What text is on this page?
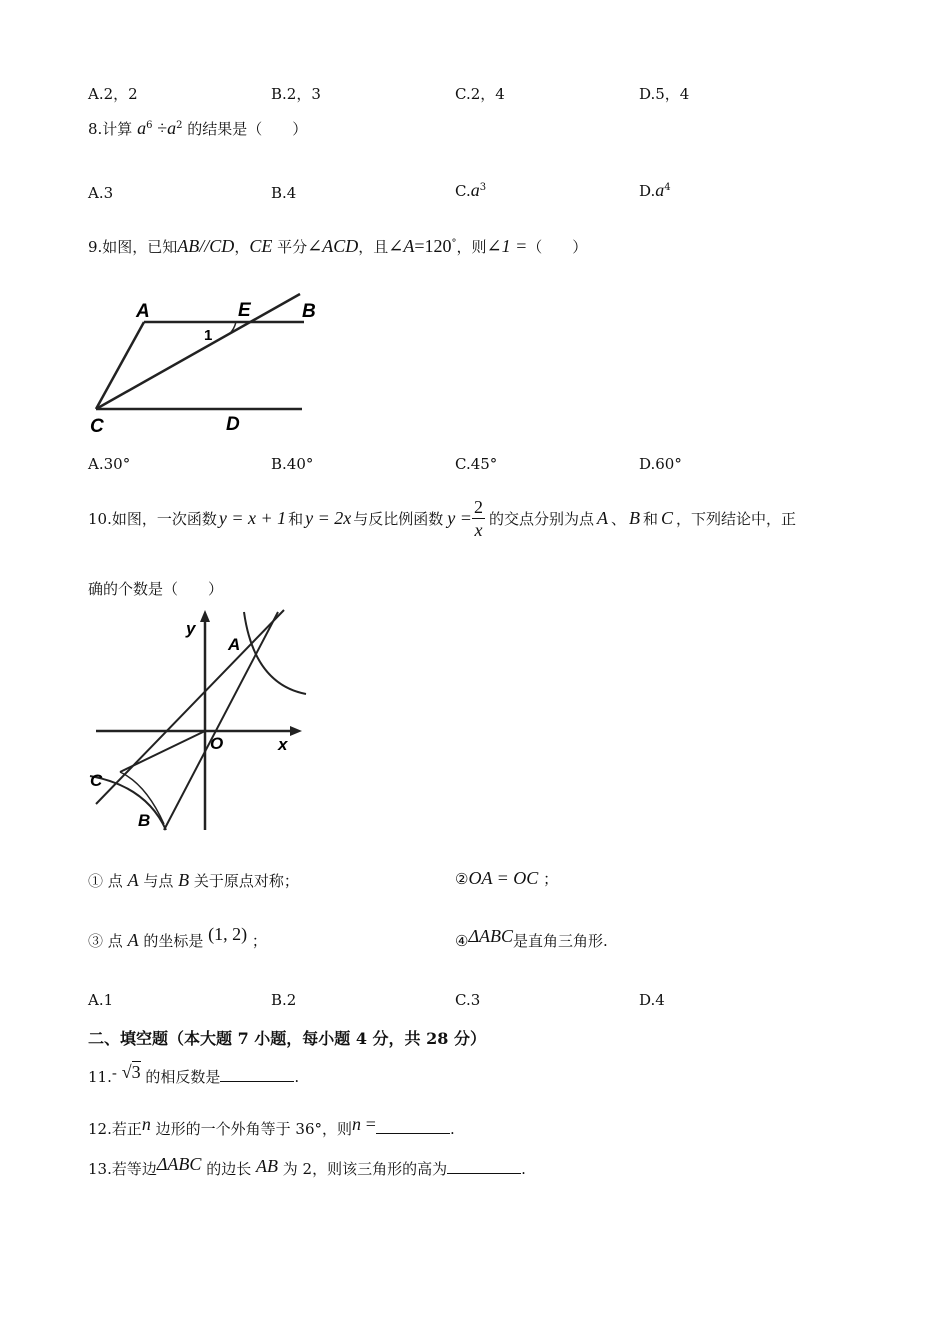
A.2，2	B.2，3	C.2，4	D.5，4
8.计算 $a^6 \div a^2$ 的结果是（　　）
A.3	B.4	$C.a^3$	$D.a^4$
9.如图，已知AB//CD，CE 平分∠ACD，且∠A=120°，则∠1 =（　　）
A	E	B
1
C	D
A.30°	B.40°	C.45°	D.60°
10.如图，一次函数 y = x + 1 和 y = 2x 与反比例函数 $y = \frac{2}{x}$ 的交点分别为点 A 、 B 和 C ，下列结论中，正
确的个数是（　　）
y
x
O
A
B
C
① 点 A 与点 B 关于原点对称；	②OA = OC ；
③ 点 A 的坐标是 (1, 2) ；	④ΔABC是直角三角形.
A.1	B.2	C.3	D.4
二、填空题（本大题 7 小题，每小题 4 分，共 28 分）
11.- √3 的相反数是	.
12.若正n 边形的一个外角等于 36°，则n =	.
13.若等边ΔABC 的边长 AB 为 2，则该三角形的高为	.
